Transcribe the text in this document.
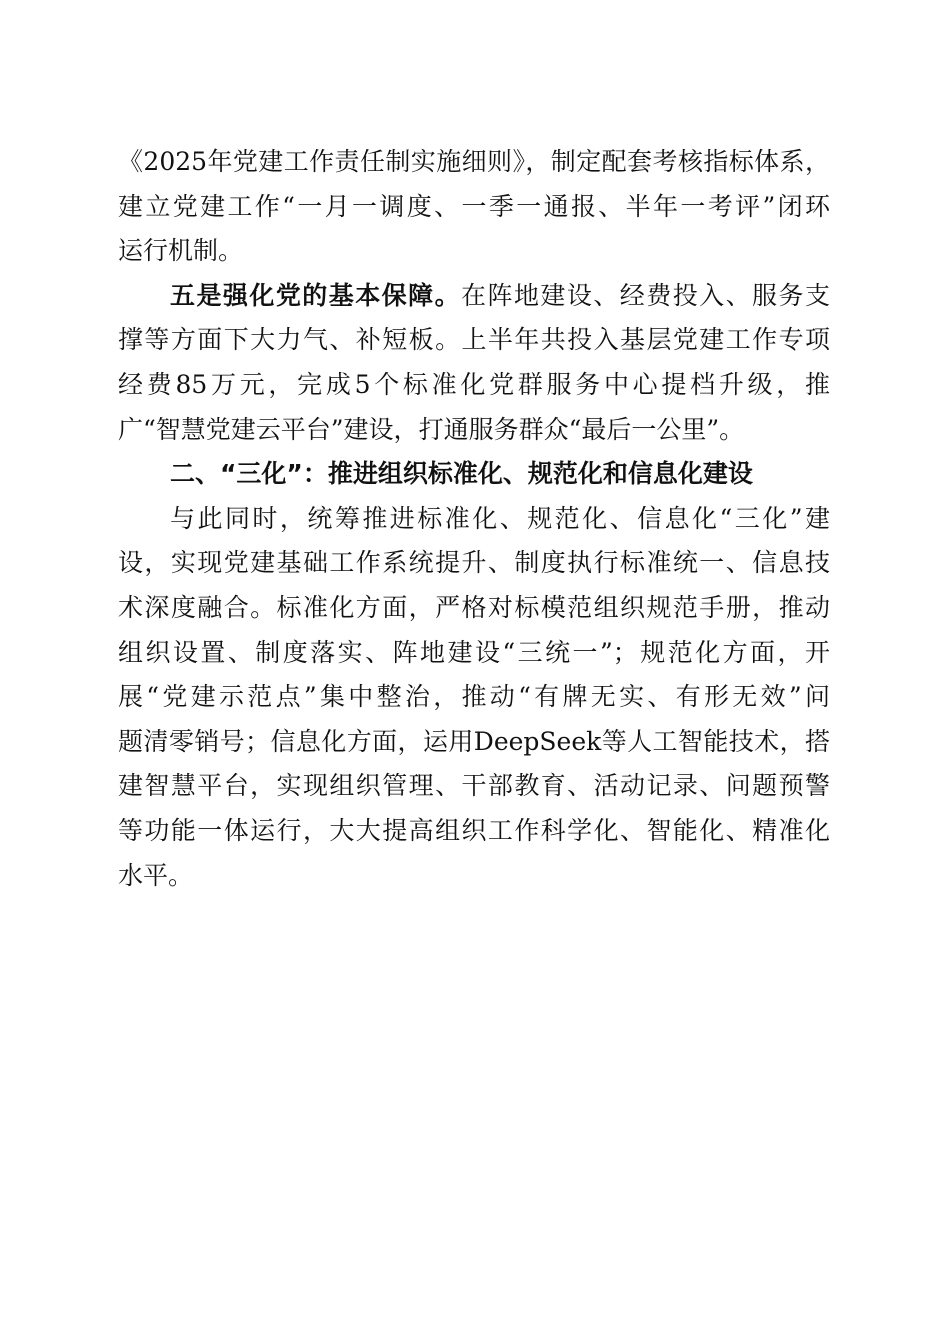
《2025年党建工作责任制实施细则》，制定配套考核指标体系，
建立党建工作“一月一调度、一季一通报、半年一考评”闭环
运行机制。
五是强化党的基本保障。在阵地建设、经费投入、服务支
撑等方面下大力气、补短板。上半年共投入基层党建工作专项
经费85万元，完成5个标准化党群服务中心提档升级，推
广“智慧党建云平台”建设，打通服务群众“最后一公里”。
二、“三化”：推进组织标准化、规范化和信息化建设
与此同时，统筹推进标准化、规范化、信息化“三化”建
设，实现党建基础工作系统提升、制度执行标准统一、信息技
术深度融合。标准化方面，严格对标模范组织规范手册，推动
组织设置、制度落实、阵地建设“三统一”；规范化方面，开
展“党建示范点”集中整治，推动“有牌无实、有形无效”问
题清零销号；信息化方面，运用DeepSeek等人工智能技术，搭
建智慧平台，实现组织管理、干部教育、活动记录、问题预警
等功能一体运行，大大提高组织工作科学化、智能化、精准化
水平。
